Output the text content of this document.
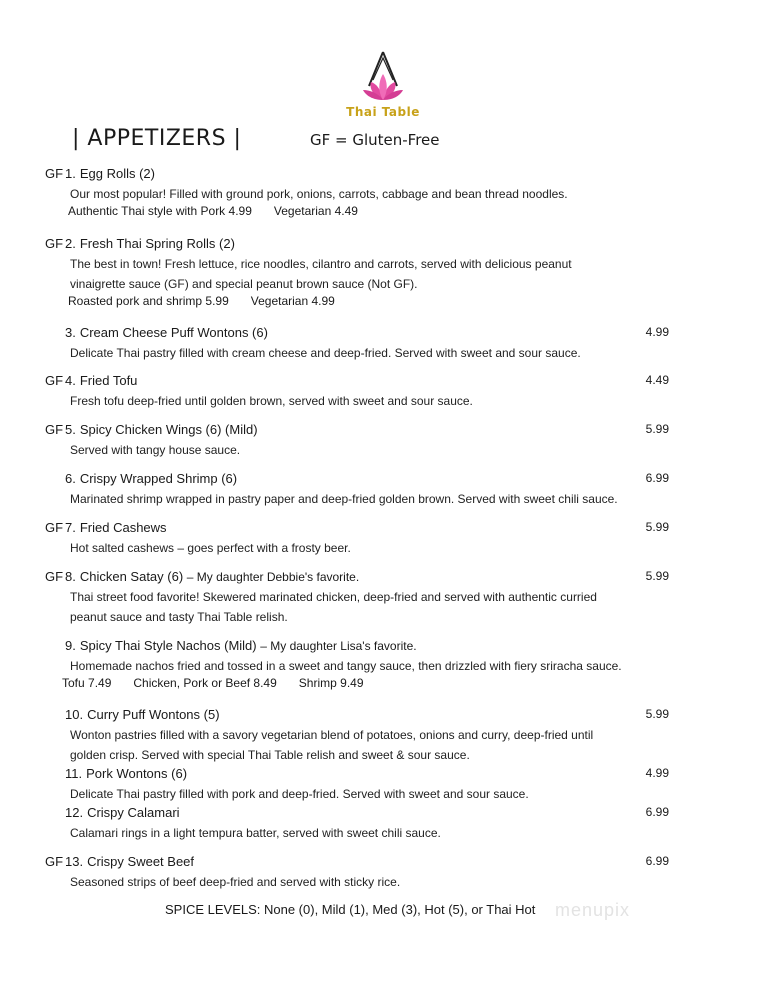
Thai Table
| APPETIZERS |	GF = Gluten-Free
GF 1. Egg Rolls (2)
Our most popular! Filled with ground pork, onions, carrots, cabbage and bean thread noodles.
Authentic Thai style with Pork 4.99 Vegetarian 4.49
GF 2. Fresh Thai Spring Rolls (2)
The best in town! Fresh lettuce, rice noodles, cilantro and carrots, served with delicious peanut
vinaigrette sauce (GF) and special peanut brown sauce (Not GF).
Roasted pork and shrimp 5.99 Vegetarian 4.99
3. Cream Cheese Puff Wontons (6)	4.99
Delicate Thai pastry filled with cream cheese and deep-fried. Served with sweet and sour sauce.
GF 4. Fried Tofu	4.49
Fresh tofu deep-fried until golden brown, served with sweet and sour sauce.
GF 5. Spicy Chicken Wings (6) (Mild)	5.99
Served with tangy house sauce.
6. Crispy Wrapped Shrimp (6)	6.99
Marinated shrimp wrapped in pastry paper and deep-fried golden brown. Served with sweet chili sauce.
GF 7. Fried Cashews	5.99
Hot salted cashews – goes perfect with a frosty beer.
GF 8. Chicken Satay (6) – My daughter Debbie's favorite.	5.99
Thai street food favorite! Skewered marinated chicken, deep-fried and served with authentic curried
peanut sauce and tasty Thai Table relish.
9. Spicy Thai Style Nachos (Mild) – My daughter Lisa's favorite.
Homemade nachos fried and tossed in a sweet and tangy sauce, then drizzled with fiery sriracha sauce.
Tofu 7.49 Chicken, Pork or Beef 8.49 Shrimp 9.49
10. Curry Puff Wontons (5)	5.99
Wonton pastries filled with a savory vegetarian blend of potatoes, onions and curry, deep-fried until
golden crisp. Served with special Thai Table relish and sweet & sour sauce.
11. Pork Wontons (6)	4.99
Delicate Thai pastry filled with pork and deep-fried. Served with sweet and sour sauce.
12. Crispy Calamari	6.99
Calamari rings in a light tempura batter, served with sweet chili sauce.
GF 13. Crispy Sweet Beef	6.99
Seasoned strips of beef deep-fried and served with sticky rice.
SPICE LEVELS: None (0), Mild (1), Med (3), Hot (5), or Thai Hot menupix
